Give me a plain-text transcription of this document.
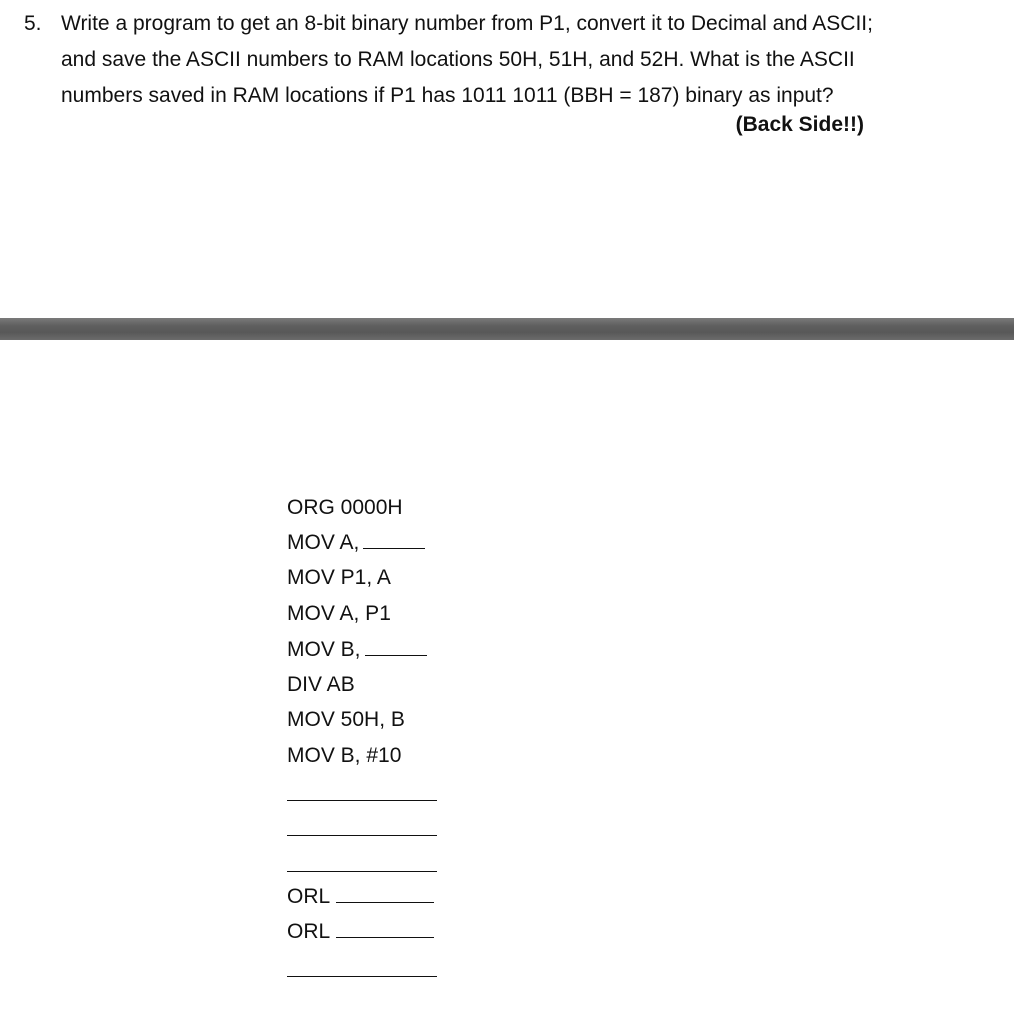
5. Write a program to get an 8-bit binary number from P1, convert it to Decimal and ASCII;
and save the ASCII numbers to RAM locations 50H, 51H, and 52H. What is the ASCII
numbers saved in RAM locations if P1 has 1011 1011 (BBH = 187) binary as input?
(Back Side!!)
ORG 0000H
MOV A,
MOV P1, A
MOV A, P1
MOV B,
DIV AB
MOV 50H, B
MOV B, #10
ORL
ORL
